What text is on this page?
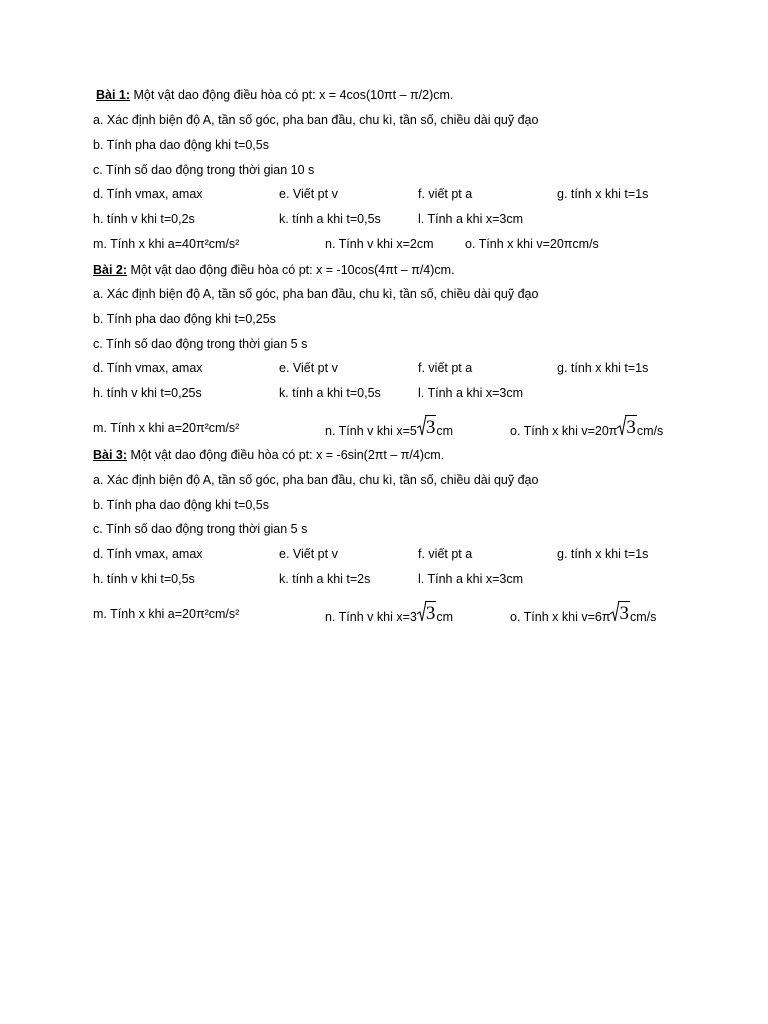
Bài 1: Một vật dao động điều hòa có pt: x = 4cos(10πt – π/2)cm.
a. Xác định biện độ A, tần số góc, pha ban đầu, chu kì, tần số, chiều dài quỹ đạo
b. Tính pha dao động khi t=0,5s
c. Tính số dao động trong thời gian 10 s
d. Tính vmax, amax	e. Viết pt v	f. viết pt a	g. tính x khi t=1s
h. tính v khi t=0,2s	k. tính a khi t=0,5s	l. Tính a khi x=3cm
m. Tính x khi a=40π²cm/s²	n. Tính v khi x=2cm	o. Tính x khi v=20πcm/s
Bài 2: Một vật dao động điều hòa có pt: x = -10cos(4πt – π/4)cm.
a. Xác định biện độ A, tần số góc, pha ban đầu, chu kì, tần số, chiều dài quỹ đạo
b. Tính pha dao động khi t=0,25s
c. Tính số dao động trong thời gian 5 s
d. Tính vmax, amax	e. Viết pt v	f. viết pt a	g. tính x khi t=1s
h. tính v khi t=0,25s	k. tính a khi t=0,5s	l. Tính a khi x=3cm
m. Tính x khi a=20π²cm/s²	n. Tính v khi x=5 3cm	o. Tính x khi v=20π 3cm/s
Bài 3: Một vật dao động điều hòa có pt: x = -6sin(2πt – π/4)cm.
a. Xác định biện độ A, tần số góc, pha ban đầu, chu kì, tần số, chiều dài quỹ đạo
b. Tính pha dao động khi t=0,5s
c. Tính số dao động trong thời gian 5 s
d. Tính vmax, amax	e. Viết pt v	f. viết pt a	g. tính x khi t=1s
h. tính v khi t=0,5s	k. tính a khi t=2s	l. Tính a khi x=3cm
m. Tính x khi a=20π²cm/s²	n. Tính v khi x=3 3cm	o. Tính x khi v=6π 3cm/s
